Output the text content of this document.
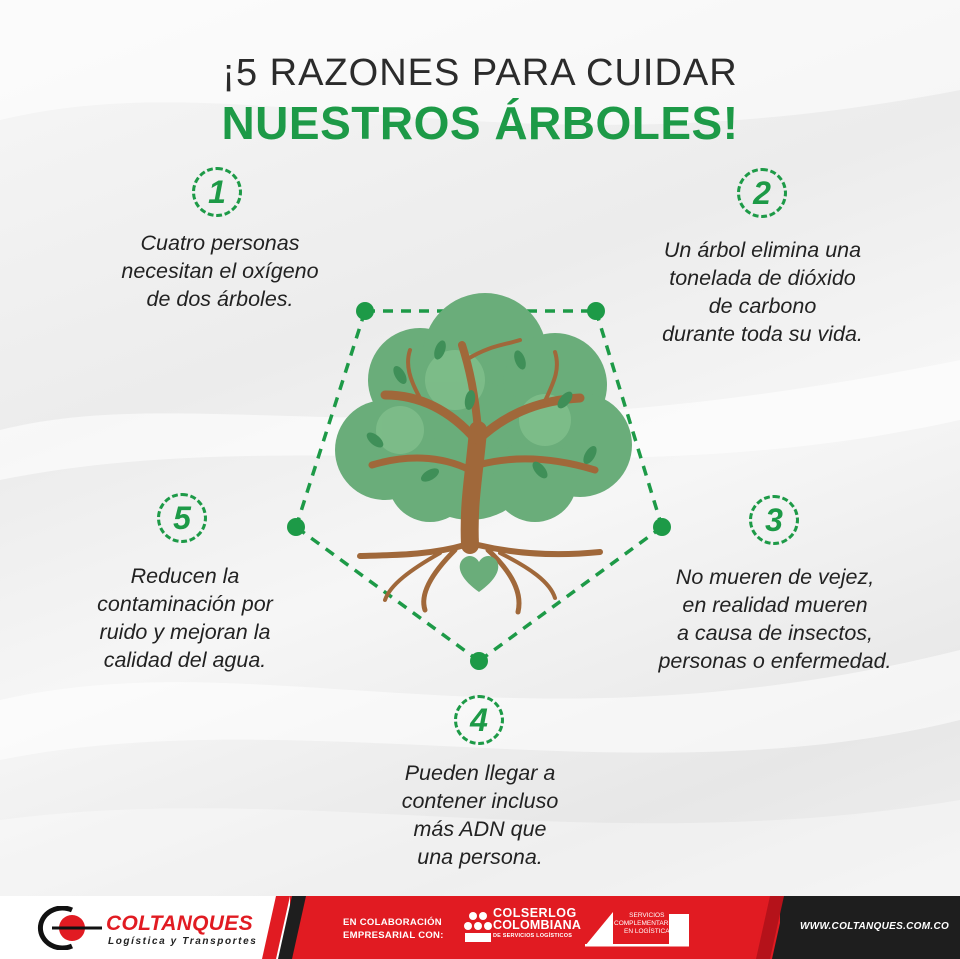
¡5 RAZONES PARA CUIDAR
NUESTROS ÁRBOLES!
1
Cuatro personas
necesitan el oxígeno
de dos árboles.
2
Un árbol elimina una
tonelada de dióxido
de carbono
durante toda su vida.
3
No mueren de vejez,
en realidad mueren
a causa de insectos,
personas o enfermedad.
4
Pueden llegar a
contener incluso
más ADN que
una persona.
5
Reducen la
contaminación por
ruido y mejoran la
calidad del agua.
COLTANQUES
Logística y Transportes
EN COLABORACIÓN
EMPRESARIAL CON:
COLSERLOG
COLOMBIANA
DE SERVICIOS LOGÍSTICOS
SERVICIOS
COMPLEMENTARIOS
EN LOGÍSTICA	WWW.COLTANQUES.COM.CO
